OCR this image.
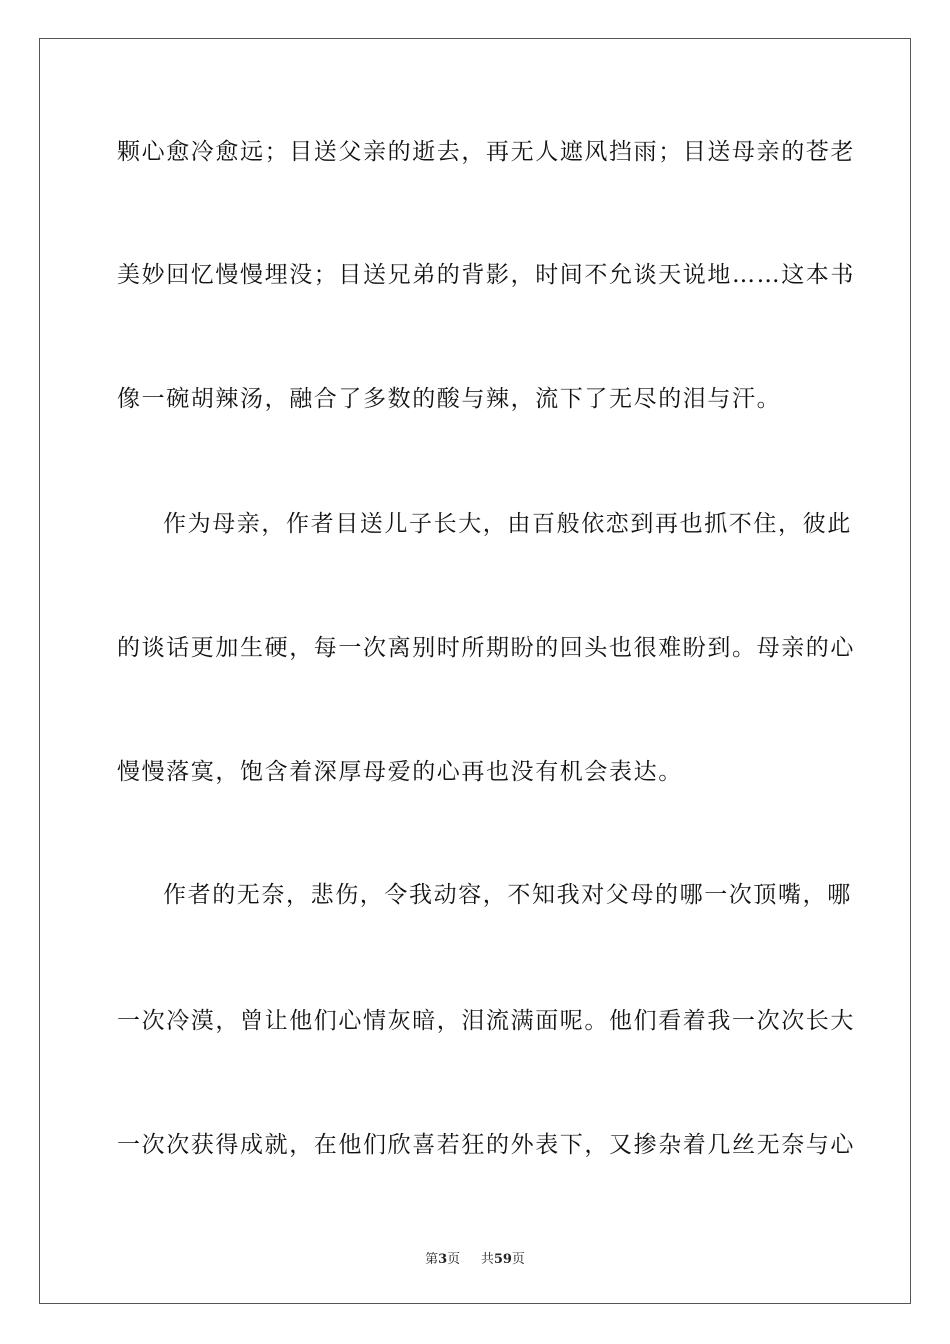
颗心愈冷愈远；目送父亲的逝去，再无人遮风挡雨；目送母亲的苍老
美妙回忆慢慢埋没；目送兄弟的背影，时间不允谈天说地……这本书
像一碗胡辣汤，融合了多数的酸与辣，流下了无尽的泪与汗。
作为母亲，作者目送儿子长大，由百般依恋到再也抓不住，彼此
的谈话更加生硬，每一次离别时所期盼的回头也很难盼到。母亲的心
慢慢落寞，饱含着深厚母爱的心再也没有机会表达。
作者的无奈，悲伤，令我动容，不知我对父母的哪一次顶嘴，哪
一次冷漠，曾让他们心情灰暗，泪流满面呢。他们看着我一次次长大
一次次获得成就，在他们欣喜若狂的外表下，又掺杂着几丝无奈与心
第3页 共59页
